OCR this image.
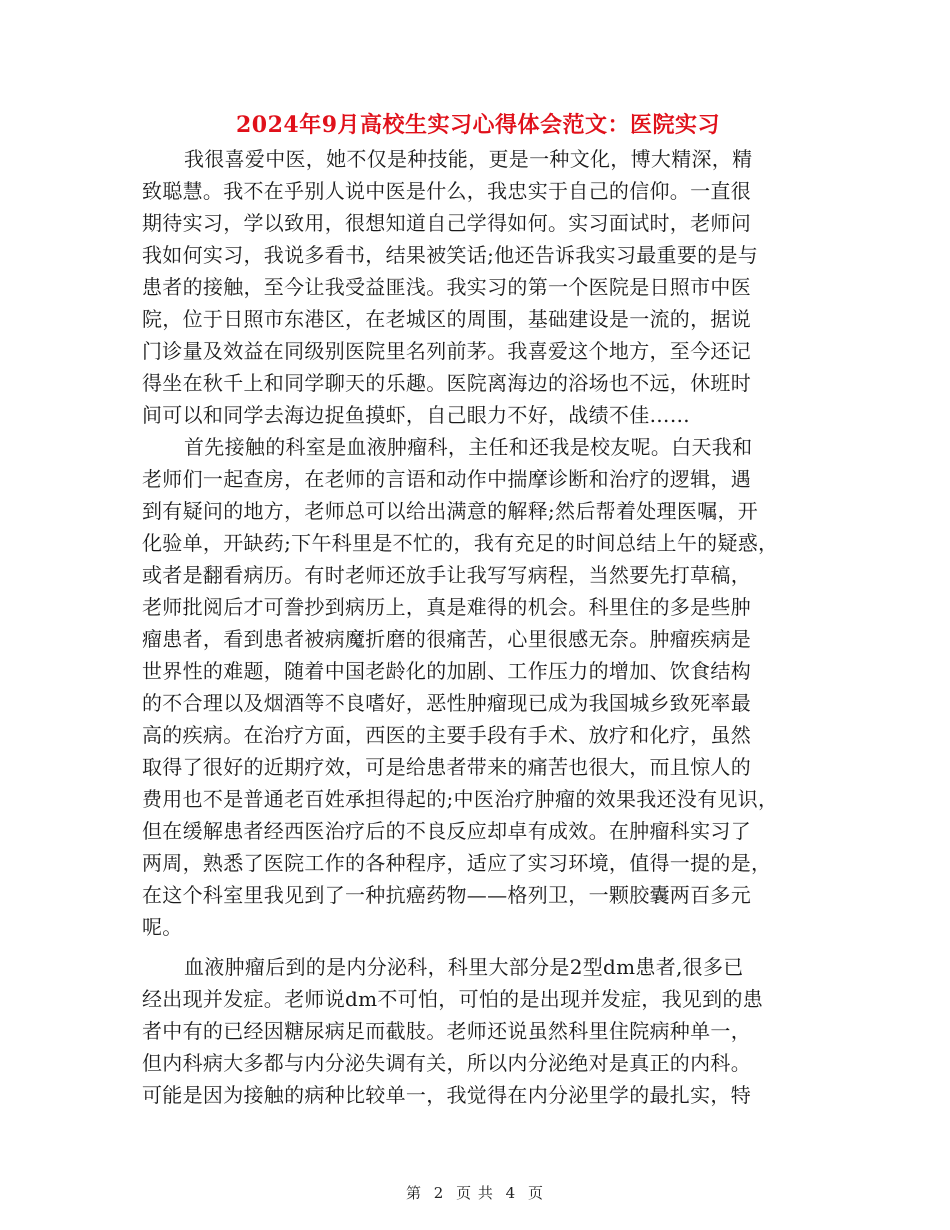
2024年9月高校生实习心得体会范文：医院实习
我很喜爱中医，她不仅是种技能，更是一种文化，博大精深，精
致聪慧。我不在乎别人说中医是什么，我忠实于自己的信仰。一直很
期待实习，学以致用，很想知道自己学得如何。实习面试时，老师问
我如何实习，我说多看书，结果被笑话;他还告诉我实习最重要的是与
患者的接触，至今让我受益匪浅。我实习的第一个医院是日照市中医
院，位于日照市东港区，在老城区的周围，基础建设是一流的，据说
门诊量及效益在同级别医院里名列前茅。我喜爱这个地方，至今还记
得坐在秋千上和同学聊天的乐趣。医院离海边的浴场也不远，休班时
间可以和同学去海边捉鱼摸虾，自己眼力不好，战绩不佳……
首先接触的科室是血液肿瘤科，主任和还我是校友呢。白天我和
老师们一起查房，在老师的言语和动作中揣摩诊断和治疗的逻辑，遇
到有疑问的地方，老师总可以给出满意的解释;然后帮着处理医嘱，开
化验单，开缺药;下午科里是不忙的，我有充足的时间总结上午的疑惑，
或者是翻看病历。有时老师还放手让我写写病程，当然要先打草稿，
老师批阅后才可誊抄到病历上，真是难得的机会。科里住的多是些肿
瘤患者，看到患者被病魔折磨的很痛苦，心里很感无奈。肿瘤疾病是
世界性的难题，随着中国老龄化的加剧、工作压力的增加、饮食结构
的不合理以及烟酒等不良嗜好，恶性肿瘤现已成为我国城乡致死率最
高的疾病。在治疗方面，西医的主要手段有手术、放疗和化疗，虽然
取得了很好的近期疗效，可是给患者带来的痛苦也很大，而且惊人的
费用也不是普通老百姓承担得起的;中医治疗肿瘤的效果我还没有见识，
但在缓解患者经西医治疗后的不良反应却卓有成效。在肿瘤科实习了
两周，熟悉了医院工作的各种程序，适应了实习环境，值得一提的是，
在这个科室里我见到了一种抗癌药物——格列卫，一颗胶囊两百多元
呢。
血液肿瘤后到的是内分泌科，科里大部分是2型dm患者,很多已
经出现并发症。老师说dm不可怕，可怕的是出现并发症，我见到的患
者中有的已经因糖尿病足而截肢。老师还说虽然科里住院病种单一，
但内科病大多都与内分泌失调有关，所以内分泌绝对是真正的内科。
可能是因为接触的病种比较单一，我觉得在内分泌里学的最扎实，特
第 2 页 共 4 页
